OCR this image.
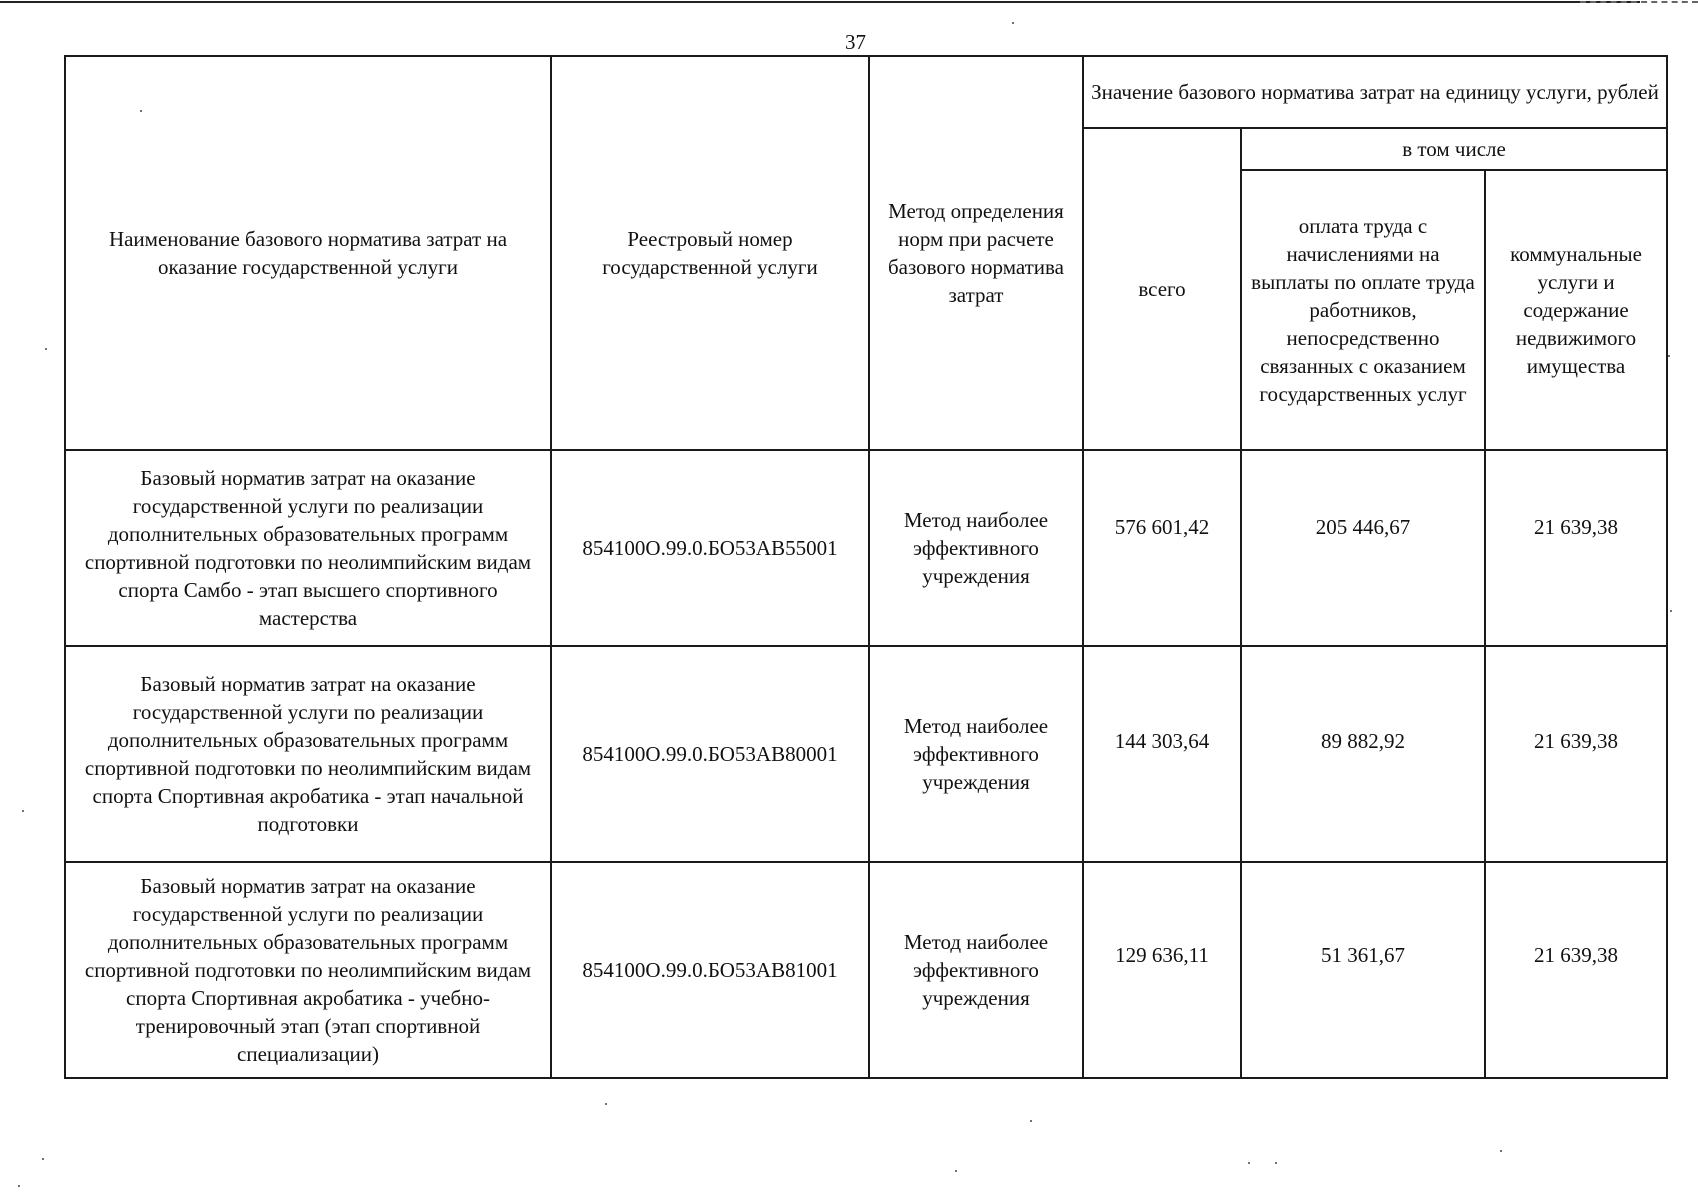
37
Наименование базового норматива затрат на оказание государственной услуги	Реестровый номер государственной услуги	Метод определения норм при расчете базового норматива затрат	Значение базового норматива затрат на единицу услуги, рублей		
			всего	в том числе	
				оплата труда с начислениями на выплаты по оплате труда работников, непосредственно связанных с оказанием государственных услуг	коммунальные услуги и содержание недвижимого имущества
Базовый норматив затрат на оказание государственной услуги по реализации дополнительных образовательных программ спортивной подготовки по неолимпийским видам спорта Самбо - этап высшего спортивного мастерства	854100О.99.0.БО53АВ55001	Метод наиболее эффективного учреждения	576 601,42	205 446,67	21 639,38
Базовый норматив затрат на оказание государственной услуги по реализации дополнительных образовательных программ спортивной подготовки по неолимпийским видам спорта Спортивная акробатика - этап начальной подготовки	854100О.99.0.БО53АВ80001	Метод наиболее эффективного учреждения	144 303,64	89 882,92	21 639,38
Базовый норматив затрат на оказание государственной услуги по реализации дополнительных образовательных программ спортивной подготовки по неолимпийским видам спорта Спортивная акробатика - учебно-тренировочный этап (этап спортивной специализации)	854100О.99.0.БО53АВ81001	Метод наиболее эффективного учреждения	129 636,11	51 361,67	21 639,38
